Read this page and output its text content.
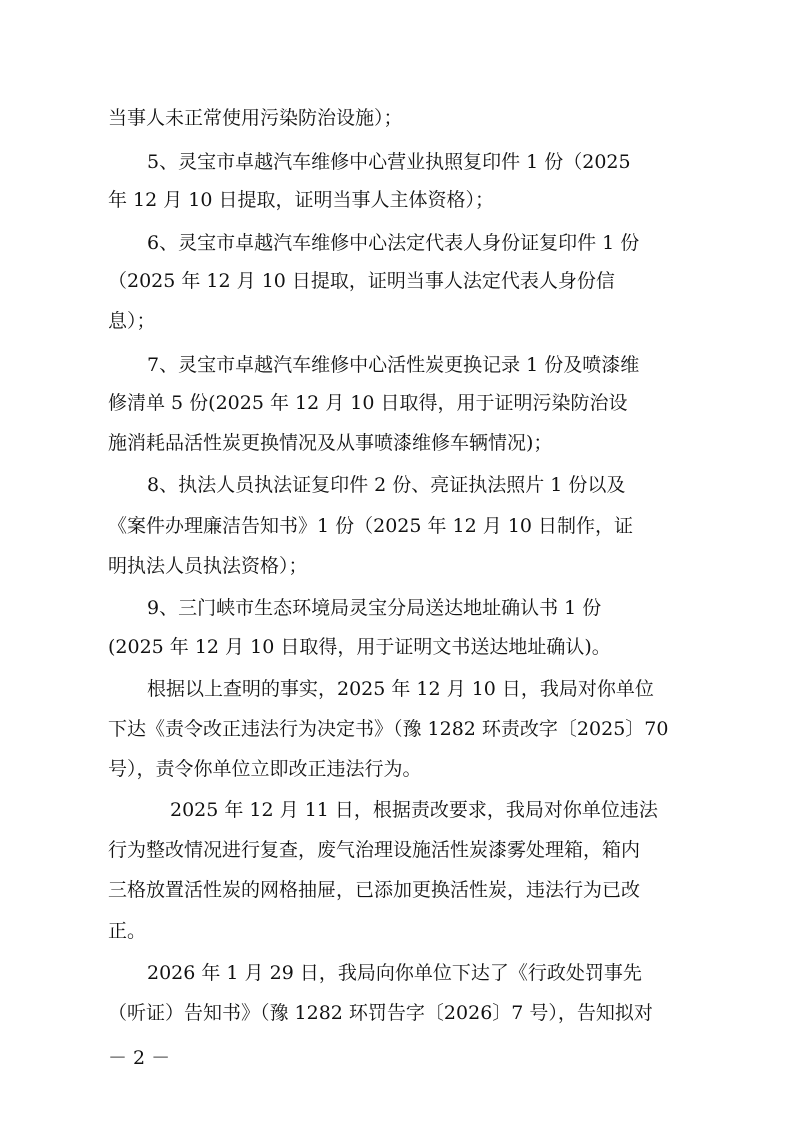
当事人未正常使用污染防治设施）；
5、灵宝市卓越汽车维修中心营业执照复印件 1 份（2025
年 12 月 10 日提取，证明当事人主体资格）；
6、灵宝市卓越汽车维修中心法定代表人身份证复印件 1 份
（2025 年 12 月 10 日提取，证明当事人法定代表人身份信
息）；
7、灵宝市卓越汽车维修中心活性炭更换记录 1 份及喷漆维
修清单 5 份(2025 年 12 月 10 日取得，用于证明污染防治设
施消耗品活性炭更换情况及从事喷漆维修车辆情况)；
8、执法人员执法证复印件 2 份、亮证执法照片 1 份以及
《案件办理廉洁告知书》1 份（2025 年 12 月 10 日制作，证
明执法人员执法资格）；
9、三门峡市生态环境局灵宝分局送达地址确认书 1 份
(2025 年 12 月 10 日取得，用于证明文书送达地址确认)。
根据以上查明的事实，2025 年 12 月 10 日，我局对你单位
下达《责令改正违法行为决定书》（豫 1282 环责改字〔2025〕70
号），责令你单位立即改正违法行为。
2025 年 12 月 11 日，根据责改要求，我局对你单位违法
行为整改情况进行复查，废气治理设施活性炭漆雾处理箱，箱内
三格放置活性炭的网格抽屉，已添加更换活性炭，违法行为已改
正。
2026 年 1 月 29 日，我局向你单位下达了《行政处罚事先
（听证）告知书》（豫 1282 环罚告字〔2026〕7 号），告知拟对
－ 2 －
